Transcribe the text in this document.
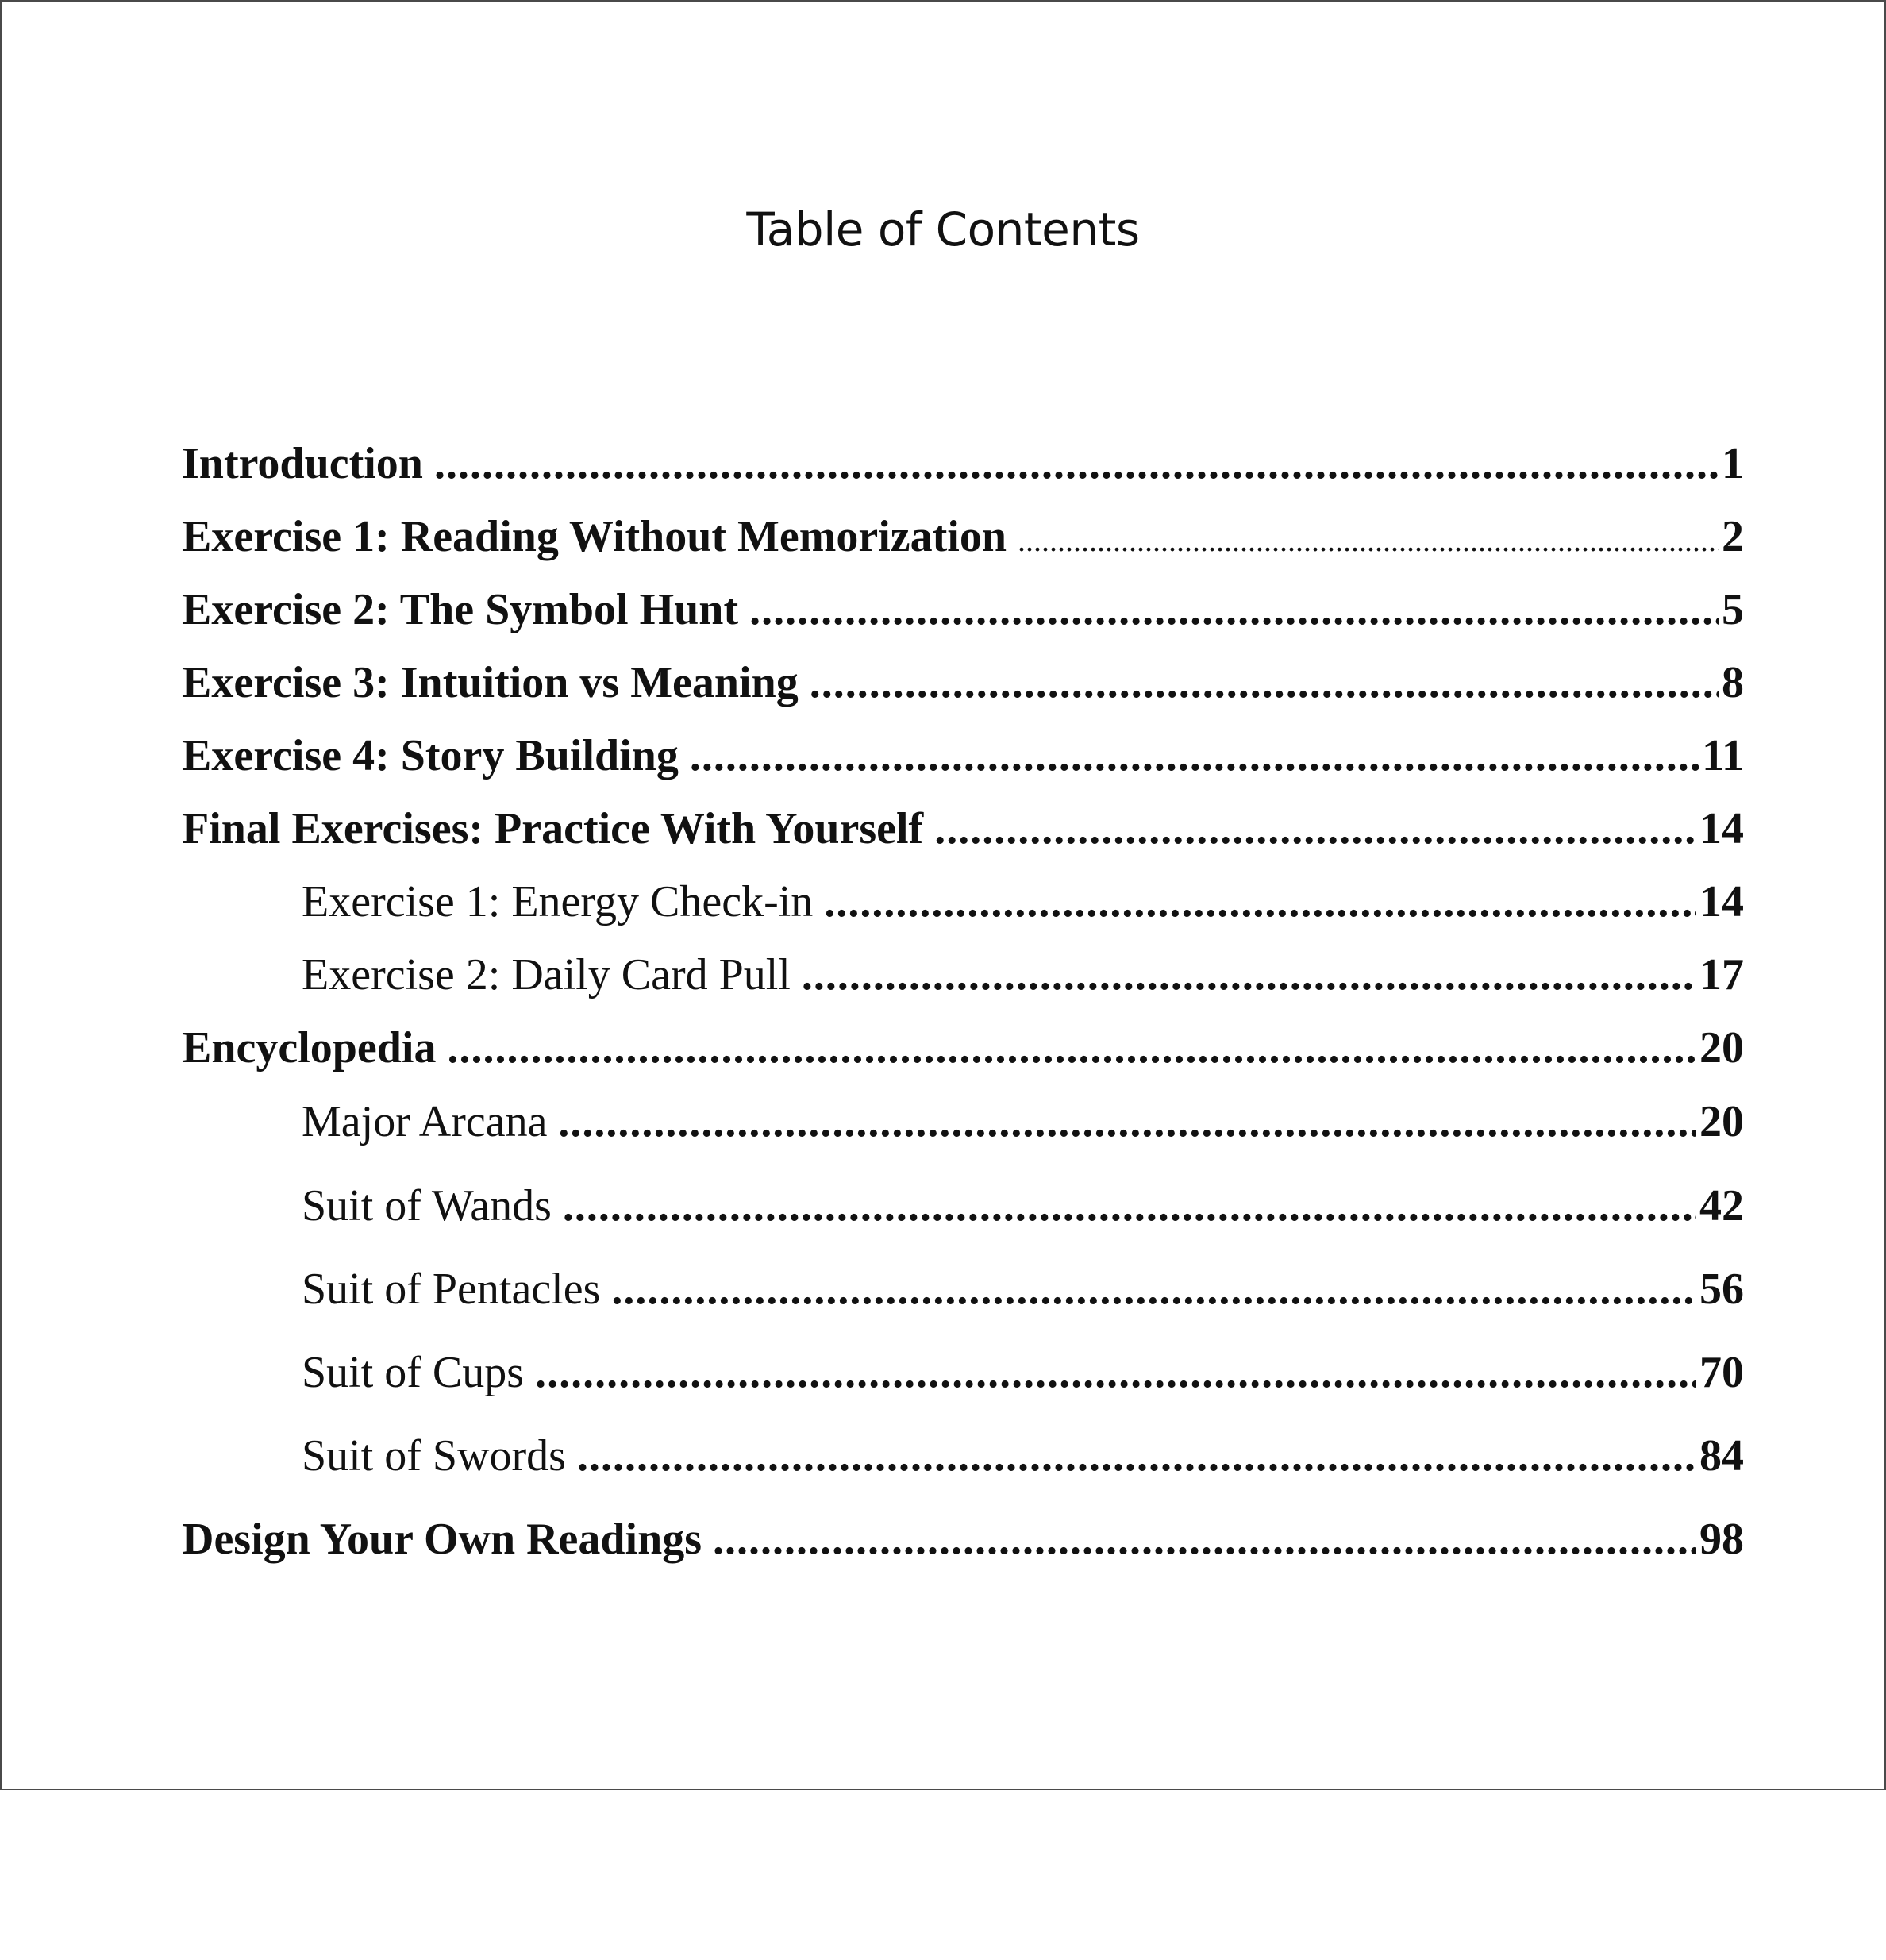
Table of Contents
Introduction .....	1
Exercise 1: Reading Without Memorization .....	2
Exercise 2: The Symbol Hunt .....	5
Exercise 3: Intuition vs Meaning .....	8
Exercise 4: Story Building .....	11
Final Exercises: Practice With Yourself .....	14
Exercise 1: Energy Check-in .....	14
Exercise 2: Daily Card Pull .....	17
Encyclopedia .....	20
Major Arcana .....	20
Suit of Wands .....	42
Suit of Pentacles .....	56
Suit of Cups .....	70
Suit of Swords .....	84
Design Your Own Readings .....	98
